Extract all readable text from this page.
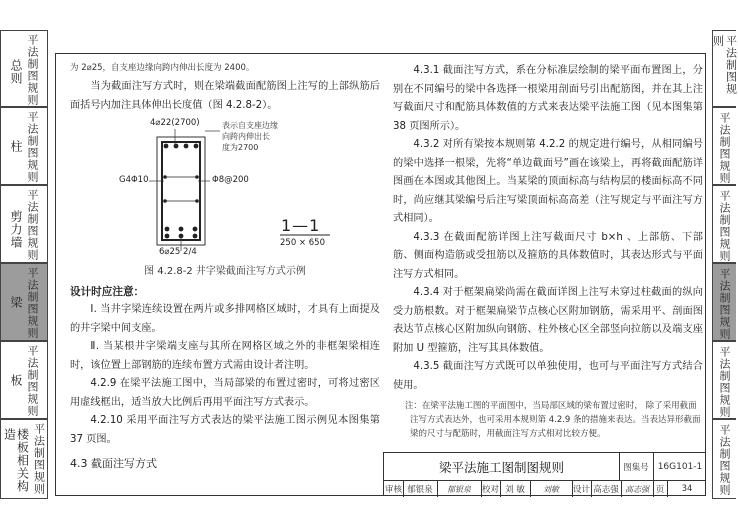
总则 平法制图规则
柱 平法制图规则
剪力墙 平法制图规则
梁 平法制图规则
板 平法制图规则
楼板相关构造	平法制图规则
平法制图规则
平法制图规则
平法制图规则
平法制图规则
平法制图规则
平法制图规则
为 2⌀25，自支座边缘向跨内伸出长度为 2400。
当为截面注写方式时，则在梁端截面配筋图上注写的上部纵筋后面括号内加注具体伸出长度值（图 4.2.8-2）。
4⌀22(2700)	表示自支座边缘
向跨内伸出长
度为2700
G4Φ10	Φ8@200
6⌀25 2/4
1—1
250 × 650
图 4.2.8-2 井字梁截面注写方式示例
设计时应注意：
Ⅰ. 当井字梁连续设置在两片或多排网格区域时，才具有上面提及的井字梁中间支座。
Ⅱ. 当某根井字梁端支座与其所在网格区域之外的非框架梁相连时，该位置上部钢筋的连续布置方式需由设计者注明。
4.2.9 在梁平法施工图中，当局部梁的布置过密时，可将过密区用虚线框出，适当放大比例后再用平面注写方式表示。
4.2.10 采用平面注写方式表达的梁平法施工图示例见本图集第 37 页图。
4.3 截面注写方式
4.3.1 截面注写方式，系在分标准层绘制的梁平面布置图上，分别在不同编号的梁中各选择一根梁用剖面号引出配筋图，并在其上注写截面尺寸和配筋具体数值的方式来表达梁平法施工图（见本图集第 38 页图所示）。
4.3.2 对所有梁按本规则第 4.2.2 的规定进行编号，从相同编号的梁中选择一根梁，先将“单边截面号”画在该梁上，再将截面配筋详图画在本图或其他图上。当某梁的顶面标高与结构层的楼面标高不同时，尚应继其梁编号后注写梁顶面标高高差（注写规定与平面注写方式相同）。
4.3.3 在截面配筋详图上注写截面尺寸 b×h 、上部筋、下部筋、侧面构造筋或受扭筋以及箍筋的具体数值时，其表达形式与平面注写方式相同。
4.3.4 对于框架扁梁尚需在截面详图上注写未穿过柱截面的纵向受力筋根数。对于框架扁梁节点核心区附加钢筋，需采用平、剖面图表达节点核心区附加纵向钢筋、柱外核心区全部竖向拉筋以及端支座附加 U 型箍筋，注写其具体数值。
4.3.5 截面注写方式既可以单独使用，也可与平面注写方式结合使用。
注：在梁平法施工图的平面图中，当局部区域的梁布置过密时， 除了采用截面注写方式表达外，也可采用本规则第 4.2.9 条的措施来表达。当表达异形截面梁的尺寸与配筋时，用截面注写方式相对比较方便。
梁平法施工图制图规则	图集号 16G101-1
审核 郁银泉	郁银泉	校对 刘 敏	刘敏	设计 高志强 高志强 页	34
